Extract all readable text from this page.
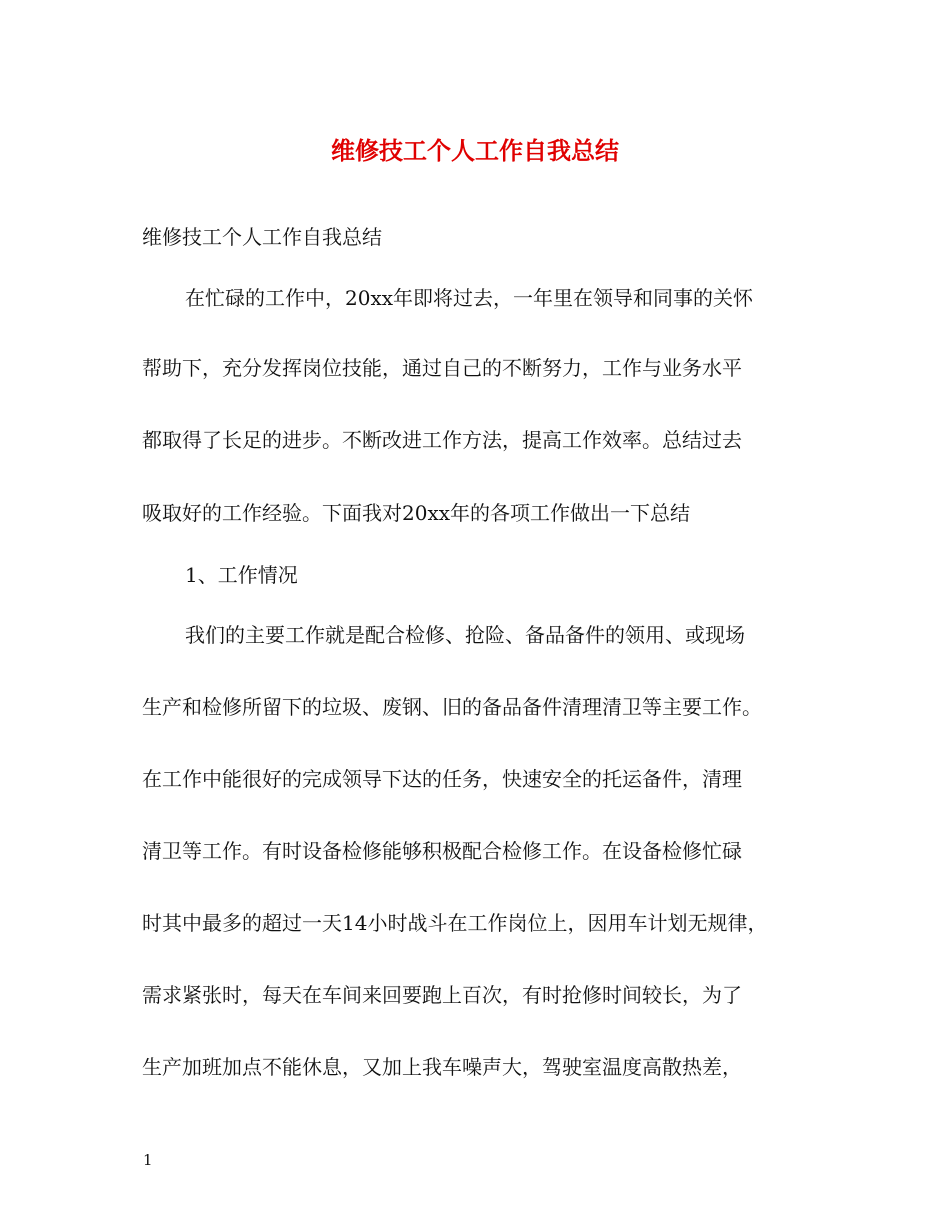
维修技工个人工作自我总结

维修技工个人工作自我总结

在忙碌的工作中，20xx年即将过去，一年里在领导和同事的关怀

帮助下，充分发挥岗位技能，通过自己的不断努力，工作与业务水平

都取得了长足的进步。不断改进工作方法，提高工作效率。总结过去

吸取好的工作经验。下面我对20xx年的各项工作做出一下总结

1、工作情况

我们的主要工作就是配合检修、抢险、备品备件的领用、或现场

生产和检修所留下的垃圾、废钢、旧的备品备件清理清卫等主要工作。

在工作中能很好的完成领导下达的任务，快速安全的托运备件，清理

清卫等工作。有时设备检修能够积极配合检修工作。在设备检修忙碌

时其中最多的超过一天14小时战斗在工作岗位上，因用车计划无规律，

需求紧张时，每天在车间来回要跑上百次，有时抢修时间较长，为了

生产加班加点不能休息，又加上我车噪声大，驾驶室温度高散热差，

1
